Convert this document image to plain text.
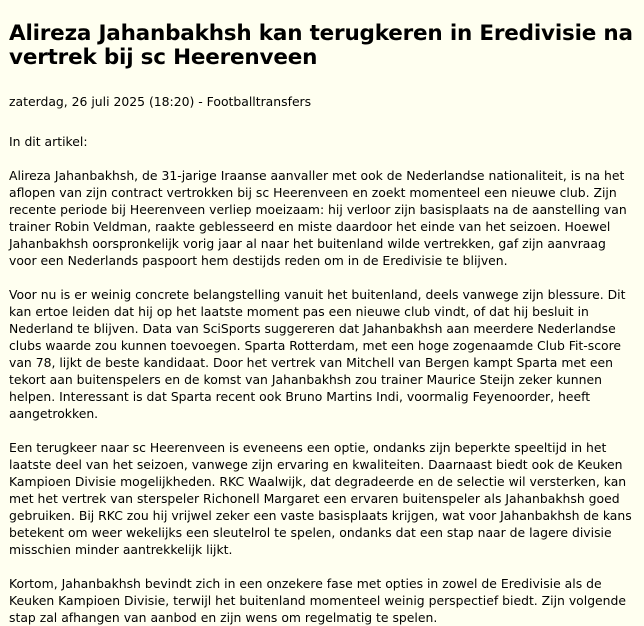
Alireza Jahanbakhsh kan terugkeren in Eredivisie na vertrek bij sc Heerenveen

zaterdag, 26 juli 2025 (18:20) - Footballtransfers

In dit artikel:

Alireza Jahanbakhsh, de 31-jarige Iraanse aanvaller met ook de Nederlandse nationaliteit, is na het aflopen van zijn contract vertrokken bij sc Heerenveen en zoekt momenteel een nieuwe club. Zijn recente periode bij Heerenveen verliep moeizaam: hij verloor zijn basisplaats na de aanstelling van trainer Robin Veldman, raakte geblesseerd en miste daardoor het einde van het seizoen. Hoewel Jahanbakhsh oorspronkelijk vorig jaar al naar het buitenland wilde vertrekken, gaf zijn aanvraag voor een Nederlands paspoort hem destijds reden om in de Eredivisie te blijven.

Voor nu is er weinig concrete belangstelling vanuit het buitenland, deels vanwege zijn blessure. Dit kan ertoe leiden dat hij op het laatste moment pas een nieuwe club vindt, of dat hij besluit in Nederland te blijven. Data van SciSports suggereren dat Jahanbakhsh aan meerdere Nederlandse clubs waarde zou kunnen toevoegen. Sparta Rotterdam, met een hoge zogenaamde Club Fit-score van 78, lijkt de beste kandidaat. Door het vertrek van Mitchell van Bergen kampt Sparta met een tekort aan buitenspelers en de komst van Jahanbakhsh zou trainer Maurice Steijn zeker kunnen helpen. Interessant is dat Sparta recent ook Bruno Martins Indi, voormalig Feyenoorder, heeft aangetrokken.

Een terugkeer naar sc Heerenveen is eveneens een optie, ondanks zijn beperkte speeltijd in het laatste deel van het seizoen, vanwege zijn ervaring en kwaliteiten. Daarnaast biedt ook de Keuken Kampioen Divisie mogelijkheden. RKC Waalwijk, dat degradeerde en de selectie wil versterken, kan met het vertrek van sterspeler Richonell Margaret een ervaren buitenspeler als Jahanbakhsh goed gebruiken. Bij RKC zou hij vrijwel zeker een vaste basisplaats krijgen, wat voor Jahanbakhsh de kans betekent om weer wekelijks een sleutelrol te spelen, ondanks dat een stap naar de lagere divisie misschien minder aantrekkelijk lijkt.

Kortom, Jahanbakhsh bevindt zich in een onzekere fase met opties in zowel de Eredivisie als de Keuken Kampioen Divisie, terwijl het buitenland momenteel weinig perspectief biedt. Zijn volgende stap zal afhangen van aanbod en zijn wens om regelmatig te spelen.
